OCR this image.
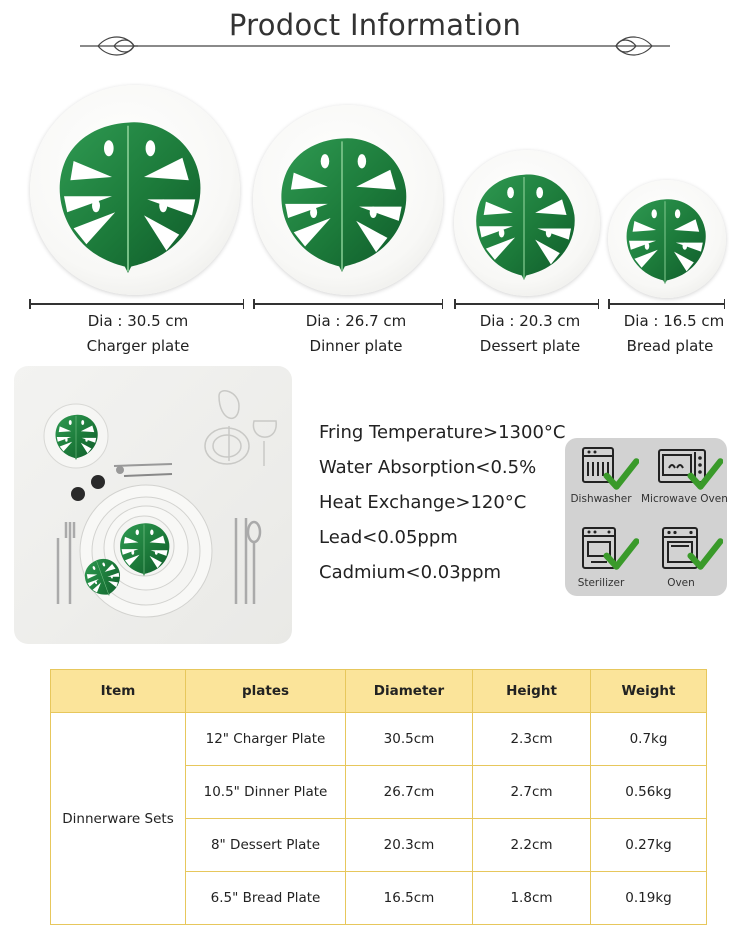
Prodoct Information
Dia : 30.5 cm
Charger plate
Dia : 26.7 cm
Dinner plate
Dia : 20.3 cm
Dessert plate
Dia : 16.5 cm
Bread plate
Fring Temperature>1300°C
Water Absorption<0.5%
Heat Exchange>120°C
Lead<0.05ppm
Cadmium<0.03ppm
Dishwasher Microwave Oven
Sterilizer	Oven
Item	plates	Diameter	Height	Weight
Dinnerware Sets	12" Charger Plate	30.5cm	2.3cm	0.7kg
	10.5" Dinner Plate	26.7cm	2.7cm	0.56kg
	8" Dessert Plate	20.3cm	2.2cm	0.27kg
	6.5" Bread Plate	16.5cm	1.8cm	0.19kg
